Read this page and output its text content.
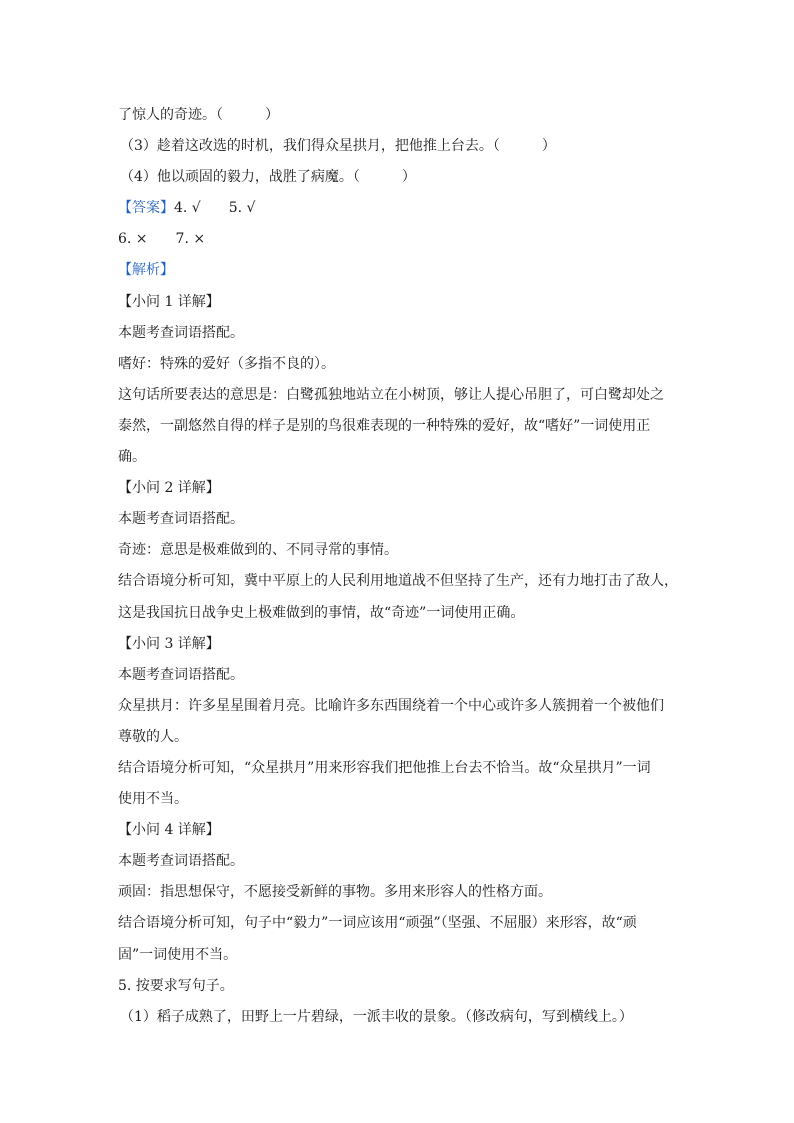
了惊人的奇迹。（　　　）
（3）趁着这改选的时机，我们得众星拱月，把他推上台去。（　　　）
（4）他以顽固的毅力，战胜了病魔。（　　　）
【答案】4. √　　5. √
6. ×　　7. ×
【解析】
【小问 1 详解】
本题考查词语搭配。
嗜好：特殊的爱好（多指不良的）。
这句话所要表达的意思是：白鹭孤独地站立在小树顶，够让人提心吊胆了，可白鹭却处之
泰然，一副悠然自得的样子是别的鸟很难表现的一种特殊的爱好，故“嗜好”一词使用正
确。
【小问 2 详解】
本题考查词语搭配。
奇迹：意思是极难做到的、不同寻常的事情。
结合语境分析可知，冀中平原上的人民利用地道战不但坚持了生产，还有力地打击了敌人，
这是我国抗日战争史上极难做到的事情，故“奇迹”一词使用正确。
【小问 3 详解】
本题考查词语搭配。
众星拱月：许多星星围着月亮。比喻许多东西围绕着一个中心或许多人簇拥着一个被他们
尊敬的人。
结合语境分析可知，“众星拱月”用来形容我们把他推上台去不恰当。故“众星拱月”一词
使用不当。
【小问 4 详解】
本题考查词语搭配。
顽固：指思想保守，不愿接受新鲜的事物。多用来形容人的性格方面。
结合语境分析可知，句子中“毅力”一词应该用“顽强”（坚强、不屈服）来形容，故“顽
固”一词使用不当。
5. 按要求写句子。
（1）稻子成熟了，田野上一片碧绿，一派丰收的景象。（修改病句，写到横线上。）
